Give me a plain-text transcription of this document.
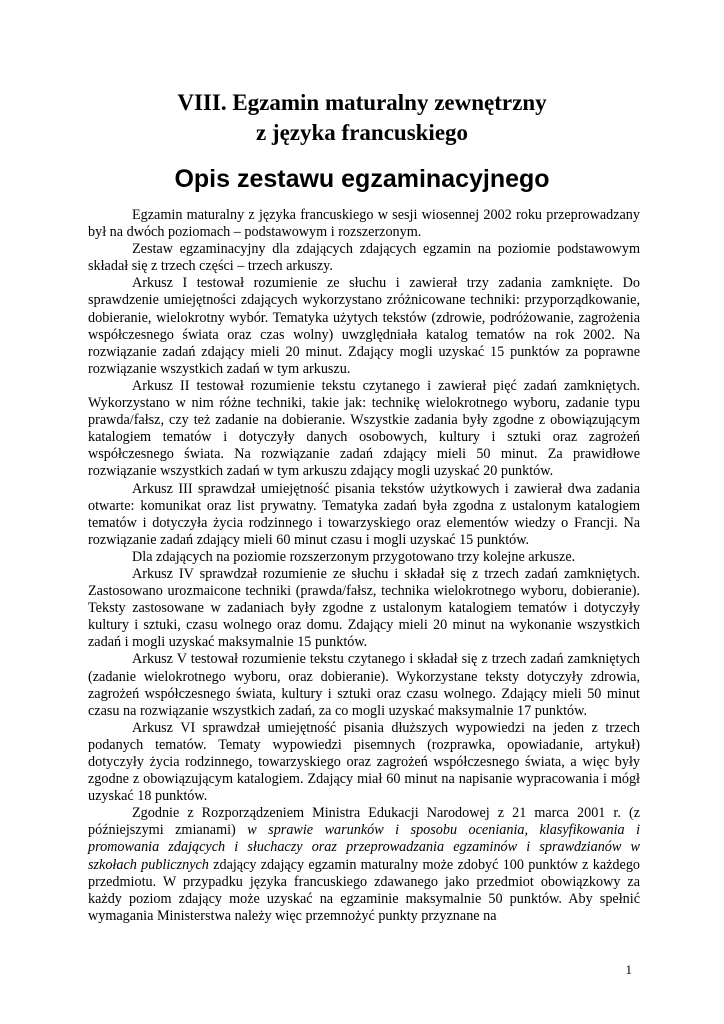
VIII. Egzamin maturalny zewnętrzny
z języka francuskiego
Opis zestawu egzaminacyjnego

Egzamin maturalny z języka francuskiego w sesji wiosennej 2002 roku przeprowadzany był na dwóch poziomach – podstawowym i rozszerzonym.

Zestaw egzaminacyjny dla zdających zdających egzamin na poziomie podstawowym składał się z trzech części – trzech arkuszy.

Arkusz I testował rozumienie ze słuchu i zawierał trzy zadania zamknięte. Do sprawdzenie umiejętności zdających wykorzystano zróżnicowane techniki: przyporządkowanie, dobieranie, wielokrotny wybór. Tematyka użytych tekstów (zdrowie, podróżowanie, zagrożenia współczesnego świata oraz czas wolny) uwzględniała katalog tematów na rok 2002. Na rozwiązanie zadań zdający mieli 20 minut. Zdający mogli uzyskać 15 punktów za poprawne rozwiązanie wszystkich zadań w tym arkuszu.

Arkusz II testował rozumienie tekstu czytanego i zawierał pięć zadań zamkniętych. Wykorzystano w nim różne techniki, takie jak: technikę wielokrotnego wyboru, zadanie typu prawda/fałsz, czy też zadanie na dobieranie. Wszystkie zadania były zgodne z obowiązującym katalogiem tematów i dotyczyły danych osobowych, kultury i sztuki oraz zagrożeń współczesnego świata. Na rozwiązanie zadań zdający mieli 50 minut. Za prawidłowe rozwiązanie wszystkich zadań w tym arkuszu zdający mogli uzyskać 20 punktów.

Arkusz III sprawdzał umiejętność pisania tekstów użytkowych i zawierał dwa zadania otwarte: komunikat oraz list prywatny. Tematyka zadań była zgodna z ustalonym katalogiem tematów i dotyczyła życia rodzinnego i towarzyskiego oraz elementów wiedzy o Francji. Na rozwiązanie zadań zdający mieli 60 minut czasu i mogli uzyskać 15 punktów.

Dla zdających na poziomie rozszerzonym przygotowano trzy kolejne arkusze.

Arkusz IV sprawdzał rozumienie ze słuchu i składał się z trzech zadań zamkniętych. Zastosowano urozmaicone techniki (prawda/fałsz, technika wielokrotnego wyboru, dobieranie). Teksty zastosowane w zadaniach były zgodne z ustalonym katalogiem tematów i dotyczyły kultury i sztuki, czasu wolnego oraz domu. Zdający mieli 20 minut na wykonanie wszystkich zadań i mogli uzyskać maksymalnie 15 punktów.

Arkusz V testował rozumienie tekstu czytanego i składał się z trzech zadań zamkniętych (zadanie wielokrotnego wyboru, oraz dobieranie). Wykorzystane teksty dotyczyły zdrowia, zagrożeń współczesnego świata, kultury i sztuki oraz czasu wolnego. Zdający mieli 50 minut czasu na rozwiązanie wszystkich zadań, za co mogli uzyskać maksymalnie 17 punktów.

Arkusz VI sprawdzał umiejętność pisania dłuższych wypowiedzi na jeden z trzech podanych tematów. Tematy wypowiedzi pisemnych (rozprawka, opowiadanie, artykuł) dotyczyły życia rodzinnego, towarzyskiego oraz zagrożeń współczesnego świata, a więc były zgodne z obowiązującym katalogiem. Zdający miał 60 minut na napisanie wypracowania i mógł uzyskać 18 punktów.

Zgodnie z Rozporządzeniem Ministra Edukacji Narodowej z 21 marca 2001 r. (z późniejszymi zmianami) w sprawie warunków i sposobu oceniania, klasyfikowania i promowania zdających i słuchaczy oraz przeprowadzania egzaminów i sprawdzianów w szkołach publicznych zdający zdający egzamin maturalny może zdobyć 100 punktów z każdego przedmiotu. W przypadku języka francuskiego zdawanego jako przedmiot obowiązkowy za każdy poziom zdający może uzyskać na egzaminie maksymalnie 50 punktów. Aby spełnić wymagania Ministerstwa należy więc przemnożyć punkty przyznane na

1
